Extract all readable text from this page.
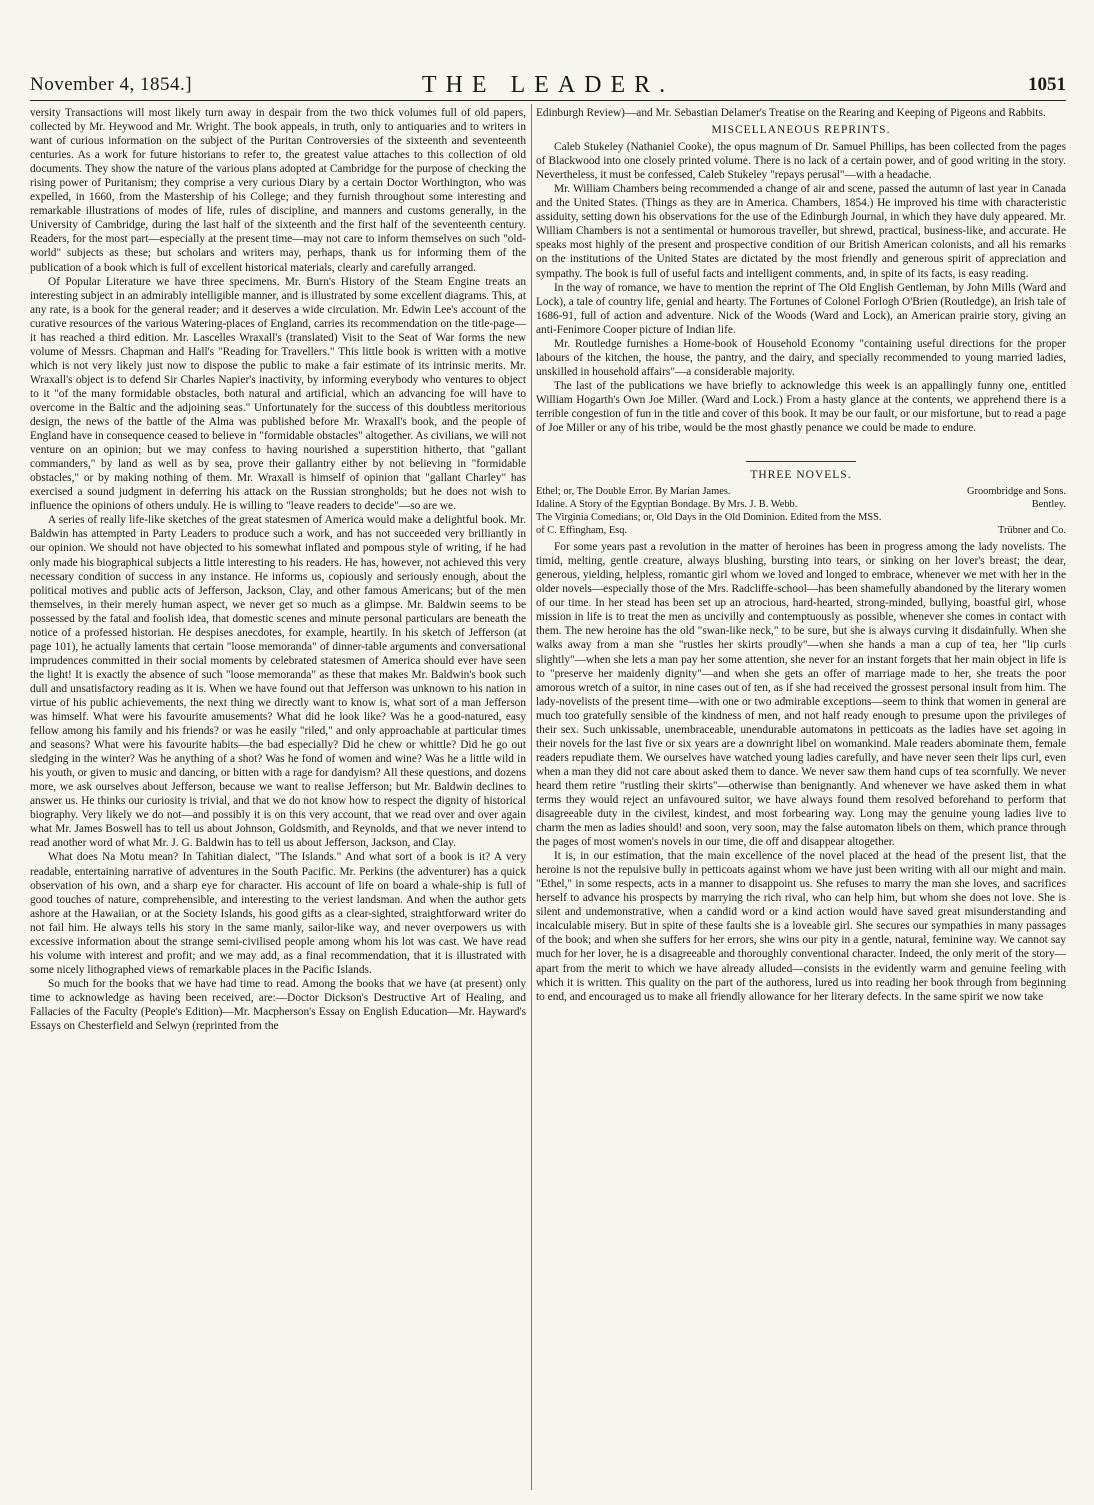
November 4, 1854.]	THE LEADER.	1051

versity Transactions will most likely turn away in despair from the two thick volumes full of old papers, collected by Mr. Heywood and Mr. Wright. The book appeals, in truth, only to antiquaries and to writers in want of curious information on the subject of the Puritan Controversies of the sixteenth and seventeenth centuries. As a work for future historians to refer to, the greatest value attaches to this collection of old documents. They show the nature of the various plans adopted at Cambridge for the purpose of checking the rising power of Puritanism; they comprise a very curious Diary by a certain Doctor Worthington, who was expelled, in 1660, from the Mastership of his College; and they furnish throughout some interesting and remarkable illustrations of modes of life, rules of discipline, and manners and customs generally, in the University of Cambridge, during the last half of the sixteenth and the first half of the seventeenth century. Readers, for the most part—especially at the present time—may not care to inform themselves on such "old-world" subjects as these; but scholars and writers may, perhaps, thank us for informing them of the publication of a book which is full of excellent historical materials, clearly and carefully arranged.

Of Popular Literature we have three specimens. Mr. Burn's History of the Steam Engine treats an interesting subject in an admirably intelligible manner, and is illustrated by some excellent diagrams. This, at any rate, is a book for the general reader; and it deserves a wide circulation. Mr. Edwin Lee's account of the curative resources of the various Watering-places of England, carries its recommendation on the title-page—it has reached a third edition. Mr. Lascelles Wraxall's (translated) Visit to the Seat of War forms the new volume of Messrs. Chapman and Hall's "Reading for Travellers." This little book is written with a motive which is not very likely just now to dispose the public to make a fair estimate of its intrinsic merits. Mr. Wraxall's object is to defend Sir Charles Napier's inactivity, by informing everybody who ventures to object to it "of the many formidable obstacles, both natural and artificial, which an advancing foe will have to overcome in the Baltic and the adjoining seas." Unfortunately for the success of this doubtless meritorious design, the news of the battle of the Alma was published before Mr. Wraxall's book, and the people of England have in consequence ceased to believe in "formidable obstacles" altogether. As civilians, we will not venture on an opinion; but we may confess to having nourished a superstition hitherto, that "gallant commanders," by land as well as by sea, prove their gallantry either by not believing in "formidable obstacles," or by making nothing of them. Mr. Wraxall is himself of opinion that "gallant Charley" has exercised a sound judgment in deferring his attack on the Russian strongholds; but he does not wish to influence the opinions of others unduly. He is willing to "leave readers to decide"—so are we.

A series of really life-like sketches of the great statesmen of America would make a delightful book. Mr. Baldwin has attempted in Party Leaders to produce such a work, and has not succeeded very brilliantly in our opinion. We should not have objected to his somewhat inflated and pompous style of writing, if he had only made his biographical subjects a little interesting to his readers. He has, however, not achieved this very necessary condition of success in any instance. He informs us, copiously and seriously enough, about the political motives and public acts of Jefferson, Jackson, Clay, and other famous Americans; but of the men themselves, in their merely human aspect, we never get so much as a glimpse. Mr. Baldwin seems to be possessed by the fatal and foolish idea, that domestic scenes and minute personal particulars are beneath the notice of a professed historian. He despises anecdotes, for example, heartily. In his sketch of Jefferson (at page 101), he actually laments that certain "loose memoranda" of dinner-table arguments and conversational imprudences committed in their social moments by celebrated statesmen of America should ever have seen the light! It is exactly the absence of such "loose memoranda" as these that makes Mr. Baldwin's book such dull and unsatisfactory reading as it is. When we have found out that Jefferson was unknown to his nation in virtue of his public achievements, the next thing we directly want to know is, what sort of a man Jefferson was himself. What were his favourite amusements? What did he look like? Was he a good-natured, easy fellow among his family and his friends? or was he easily "riled," and only approachable at particular times and seasons? What were his favourite habits—the bad especially? Did he chew or whittle? Did he go out sledging in the winter? Was he anything of a shot? Was he fond of women and wine? Was he a little wild in his youth, or given to music and dancing, or bitten with a rage for dandyism? All these questions, and dozens more, we ask ourselves about Jefferson, because we want to realise Jefferson; but Mr. Baldwin declines to answer us. He thinks our curiosity is trivial, and that we do not know how to respect the dignity of historical biography. Very likely we do not—and possibly it is on this very account, that we read over and over again what Mr. James Boswell has to tell us about Johnson, Goldsmith, and Reynolds, and that we never intend to read another word of what Mr. J. G. Baldwin has to tell us about Jefferson, Jackson, and Clay.

What does Na Motu mean? In Tahitian dialect, "The Islands." And what sort of a book is it? A very readable, entertaining narrative of adventures in the South Pacific. Mr. Perkins (the adventurer) has a quick observation of his own, and a sharp eye for character. His account of life on board a whale-ship is full of good touches of nature, comprehensible, and interesting to the veriest landsman. And when the author gets ashore at the Hawaiian, or at the Society Islands, his good gifts as a clear-sighted, straightforward writer do not fail him. He always tells his story in the same manly, sailor-like way, and never overpowers us with excessive information about the strange semi-civilised people among whom his lot was cast. We have read his volume with interest and profit; and we may add, as a final recommendation, that it is illustrated with some nicely lithographed views of remarkable places in the Pacific Islands.

So much for the books that we have had time to read. Among the books that we have (at present) only time to acknowledge as having been received, are:—Doctor Dickson's Destructive Art of Healing, and Fallacies of the Faculty (People's Edition)—Mr. Macpherson's Essay on English Education—Mr. Hayward's Essays on Chesterfield and Selwyn (reprinted from the

Edinburgh Review)—and Mr. Sebastian Delamer's Treatise on the Rearing and Keeping of Pigeons and Rabbits.

MISCELLANEOUS REPRINTS.

Caleb Stukeley (Nathaniel Cooke), the opus magnum of Dr. Samuel Phillips, has been collected from the pages of Blackwood into one closely printed volume. There is no lack of a certain power, and of good writing in the story. Nevertheless, it must be confessed, Caleb Stukeley "repays perusal"—with a headache.

Mr. William Chambers being recommended a change of air and scene, passed the autumn of last year in Canada and the United States. (Things as they are in America. Chambers, 1854.) He improved his time with characteristic assiduity, setting down his observations for the use of the Edinburgh Journal, in which they have duly appeared. Mr. William Chambers is not a sentimental or humorous traveller, but shrewd, practical, business-like, and accurate. He speaks most highly of the present and prospective condition of our British American colonists, and all his remarks on the institutions of the United States are dictated by the most friendly and generous spirit of appreciation and sympathy. The book is full of useful facts and intelligent comments, and, in spite of its facts, is easy reading.

In the way of romance, we have to mention the reprint of The Old English Gentleman, by John Mills (Ward and Lock), a tale of country life, genial and hearty. The Fortunes of Colonel Forlogh O'Brien (Routledge), an Irish tale of 1686-91, full of action and adventure. Nick of the Woods (Ward and Lock), an American prairie story, giving an anti-Fenimore Cooper picture of Indian life.

Mr. Routledge furnishes a Home-book of Household Economy "containing useful directions for the proper labours of the kitchen, the house, the pantry, and the dairy, and specially recommended to young married ladies, unskilled in household affairs"—a considerable majority.

The last of the publications we have briefly to acknowledge this week is an appallingly funny one, entitled William Hogarth's Own Joe Miller. (Ward and Lock.) From a hasty glance at the contents, we apprehend there is a terrible congestion of fun in the title and cover of this book. It may be our fault, or our misfortune, but to read a page of Joe Miller or any of his tribe, would be the most ghastly penance we could be made to endure.

THREE NOVELS.
Ethel; or, The Double Error. By Marian James.	Groombridge and Sons.
Idaline. A Story of the Egyptian Bondage. By Mrs. J. B. Webb.	Bentley.
The Virginia Comedians; or, Old Days in the Old Dominion. Edited from the MSS.
of C. Effingham, Esq.	Trübner and Co.

For some years past a revolution in the matter of heroines has been in progress among the lady novelists. The timid, melting, gentle creature, always blushing, bursting into tears, or sinking on her lover's breast; the dear, generous, yielding, helpless, romantic girl whom we loved and longed to embrace, whenever we met with her in the older novels—especially those of the Mrs. Radcliffe-school—has been shamefully abandoned by the literary women of our time. In her stead has been set up an atrocious, hard-hearted, strong-minded, bullying, boastful girl, whose mission in life is to treat the men as uncivilly and contemptuously as possible, whenever she comes in contact with them. The new heroine has the old "swan-like neck," to be sure, but she is always curving it disdainfully. When she walks away from a man she "rustles her skirts proudly"—when she hands a man a cup of tea, her "lip curls slightly"—when she lets a man pay her some attention, she never for an instant forgets that her main object in life is to "preserve her maidenly dignity"—and when she gets an offer of marriage made to her, she treats the poor amorous wretch of a suitor, in nine cases out of ten, as if she had received the grossest personal insult from him. The lady-novelists of the present time—with one or two admirable exceptions—seem to think that women in general are much too gratefully sensible of the kindness of men, and not half ready enough to presume upon the privileges of their sex. Such unkissable, unembraceable, unendurable automatons in petticoats as the ladies have set agoing in their novels for the last five or six years are a downright libel on womankind. Male readers abominate them, female readers repudiate them. We ourselves have watched young ladies carefully, and have never seen their lips curl, even when a man they did not care about asked them to dance. We never saw them hand cups of tea scornfully. We never heard them retire "rustling their skirts"—otherwise than benignantly. And whenever we have asked them in what terms they would reject an unfavoured suitor, we have always found them resolved beforehand to perform that disagreeable duty in the civilest, kindest, and most forbearing way. Long may the genuine young ladies live to charm the men as ladies should! and soon, very soon, may the false automaton libels on them, which prance through the pages of most women's novels in our time, die off and disappear altogether.

It is, in our estimation, that the main excellence of the novel placed at the head of the present list, that the heroine is not the repulsive bully in petticoats against whom we have just been writing with all our might and main. "Ethel," in some respects, acts in a manner to disappoint us. She refuses to marry the man she loves, and sacrifices herself to advance his prospects by marrying the rich rival, who can help him, but whom she does not love. She is silent and undemonstrative, when a candid word or a kind action would have saved great misunderstanding and incalculable misery. But in spite of these faults she is a loveable girl. She secures our sympathies in many passages of the book; and when she suffers for her errors, she wins our pity in a gentle, natural, feminine way. We cannot say much for her lover, he is a disagreeable and thoroughly conventional character. Indeed, the only merit of the story—apart from the merit to which we have already alluded—consists in the evidently warm and genuine feeling with which it is written. This quality on the part of the authoress, lured us into reading her book through from beginning to end, and encouraged us to make all friendly allowance for her literary defects. In the same spirit we now take
